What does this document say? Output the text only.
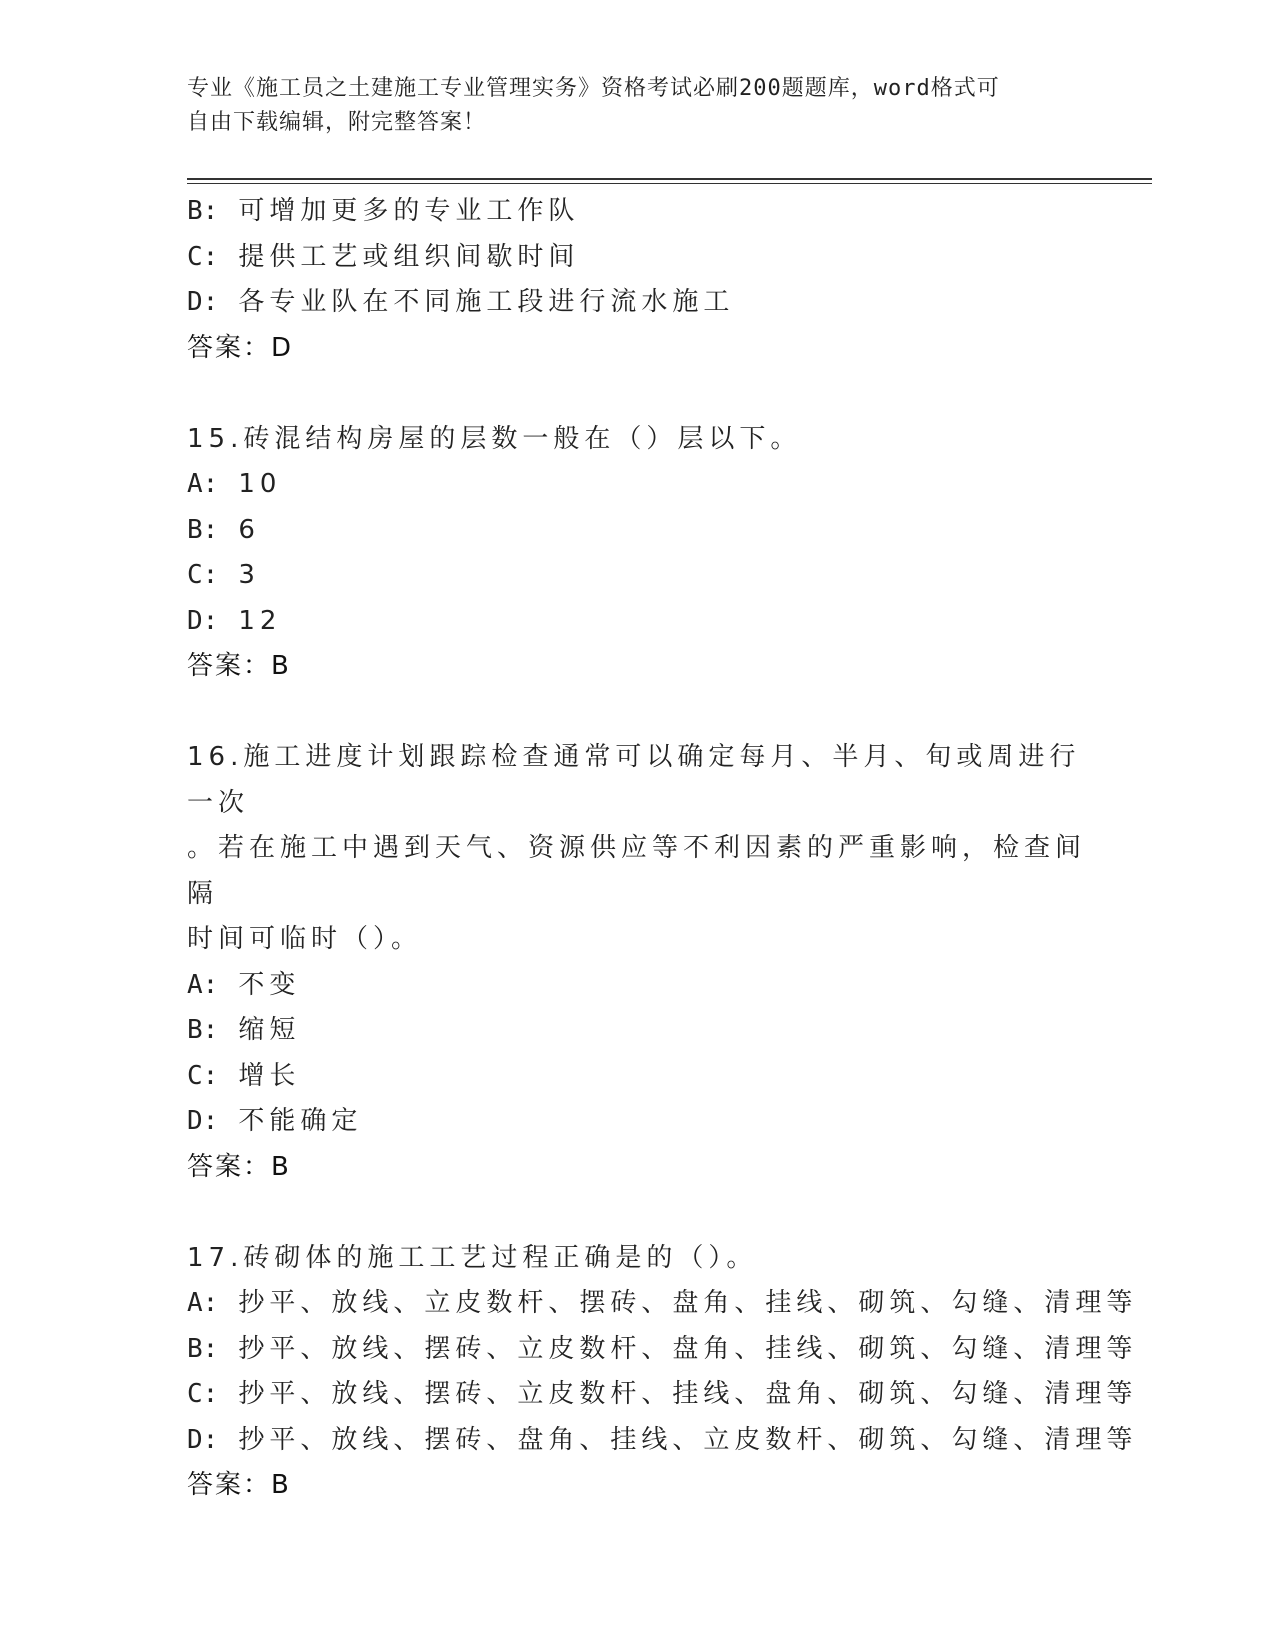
专业《施工员之土建施工专业管理实务》资格考试必刷200题题库，word格式可
自由下载编辑，附完整答案！
B: 可增加更多的专业工作队
C: 提供工艺或组织间歇时间
D: 各专业队在不同施工段进行流水施工
答案：D
15.砖混结构房屋的层数一般在（）层以下。
A: 10
B: 6
C: 3
D: 12
答案：B
16.施工进度计划跟踪检查通常可以确定每月、半月、旬或周进行一次
。若在施工中遇到天气、资源供应等不利因素的严重影响，检查间隔
时间可临时（）。
A: 不变
B: 缩短
C: 增长
D: 不能确定
答案：B
17.砖砌体的施工工艺过程正确是的（）。
A: 抄平、放线、立皮数杆、摆砖、盘角、挂线、砌筑、勾缝、清理等
B: 抄平、放线、摆砖、立皮数杆、盘角、挂线、砌筑、勾缝、清理等
C: 抄平、放线、摆砖、立皮数杆、挂线、盘角、砌筑、勾缝、清理等
D: 抄平、放线、摆砖、盘角、挂线、立皮数杆、砌筑、勾缝、清理等
答案：B
